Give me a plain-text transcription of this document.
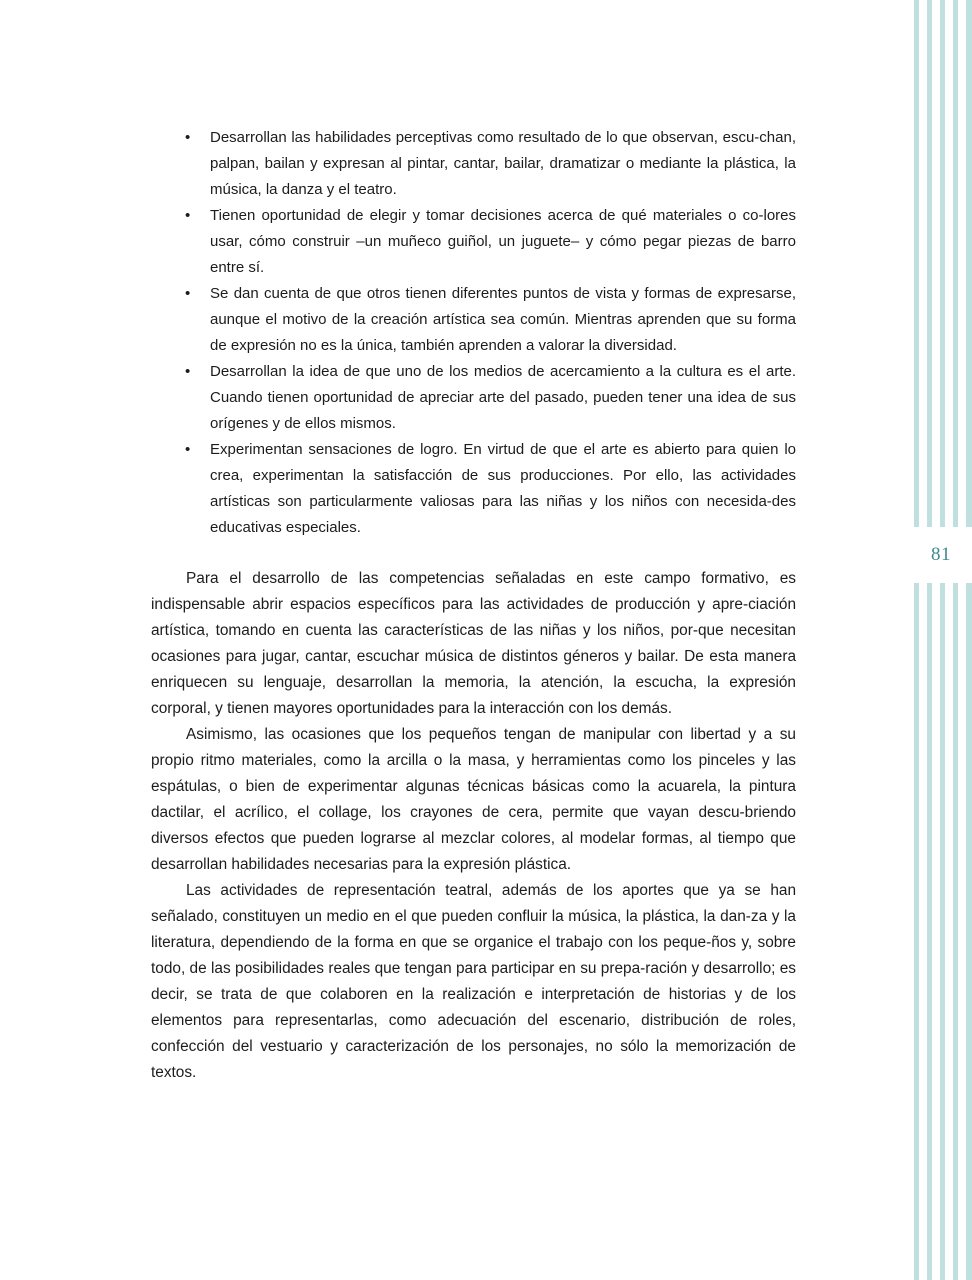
81
• Desarrollan las habilidades perceptivas como resultado de lo que observan, escu-chan, palpan, bailan y expresan al pintar, cantar, bailar, dramatizar o mediante la plástica, la música, la danza y el teatro.
• Tienen oportunidad de elegir y tomar decisiones acerca de qué materiales o co-lores usar, cómo construir –un muñeco guiñol, un juguete– y cómo pegar piezas de barro entre sí.
• Se dan cuenta de que otros tienen diferentes puntos de vista y formas de expresarse, aunque el motivo de la creación artística sea común. Mientras aprenden que su forma de expresión no es la única, también aprenden a valorar la diversidad.
• Desarrollan la idea de que uno de los medios de acercamiento a la cultura es el arte. Cuando tienen oportunidad de apreciar arte del pasado, pueden tener una idea de sus orígenes y de ellos mismos.
• Experimentan sensaciones de logro. En virtud de que el arte es abierto para quien lo crea, experimentan la satisfacción de sus producciones. Por ello, las actividades artísticas son particularmente valiosas para las niñas y los niños con necesida-des educativas especiales.

Para el desarrollo de las competencias señaladas en este campo formativo, es indispensable abrir espacios específicos para las actividades de producción y apre-ciación artística, tomando en cuenta las características de las niñas y los niños, por-que necesitan ocasiones para jugar, cantar, escuchar música de distintos géneros y bailar. De esta manera enriquecen su lenguaje, desarrollan la memoria, la atención, la escucha, la expresión corporal, y tienen mayores oportunidades para la interacción con los demás.

Asimismo, las ocasiones que los pequeños tengan de manipular con libertad y a su propio ritmo materiales, como la arcilla o la masa, y herramientas como los pinceles y las espátulas, o bien de experimentar algunas técnicas básicas como la acuarela, la pintura dactilar, el acrílico, el collage, los crayones de cera, permite que vayan descu-briendo diversos efectos que pueden lograrse al mezclar colores, al modelar formas, al tiempo que desarrollan habilidades necesarias para la expresión plástica.

Las actividades de representación teatral, además de los aportes que ya se han señalado, constituyen un medio en el que pueden confluir la música, la plástica, la dan-za y la literatura, dependiendo de la forma en que se organice el trabajo con los peque-ños y, sobre todo, de las posibilidades reales que tengan para participar en su prepa-ración y desarrollo; es decir, se trata de que colaboren en la realización e interpretación de historias y de los elementos para representarlas, como adecuación del escenario, distribución de roles, confección del vestuario y caracterización de los personajes, no sólo la memorización de textos.
